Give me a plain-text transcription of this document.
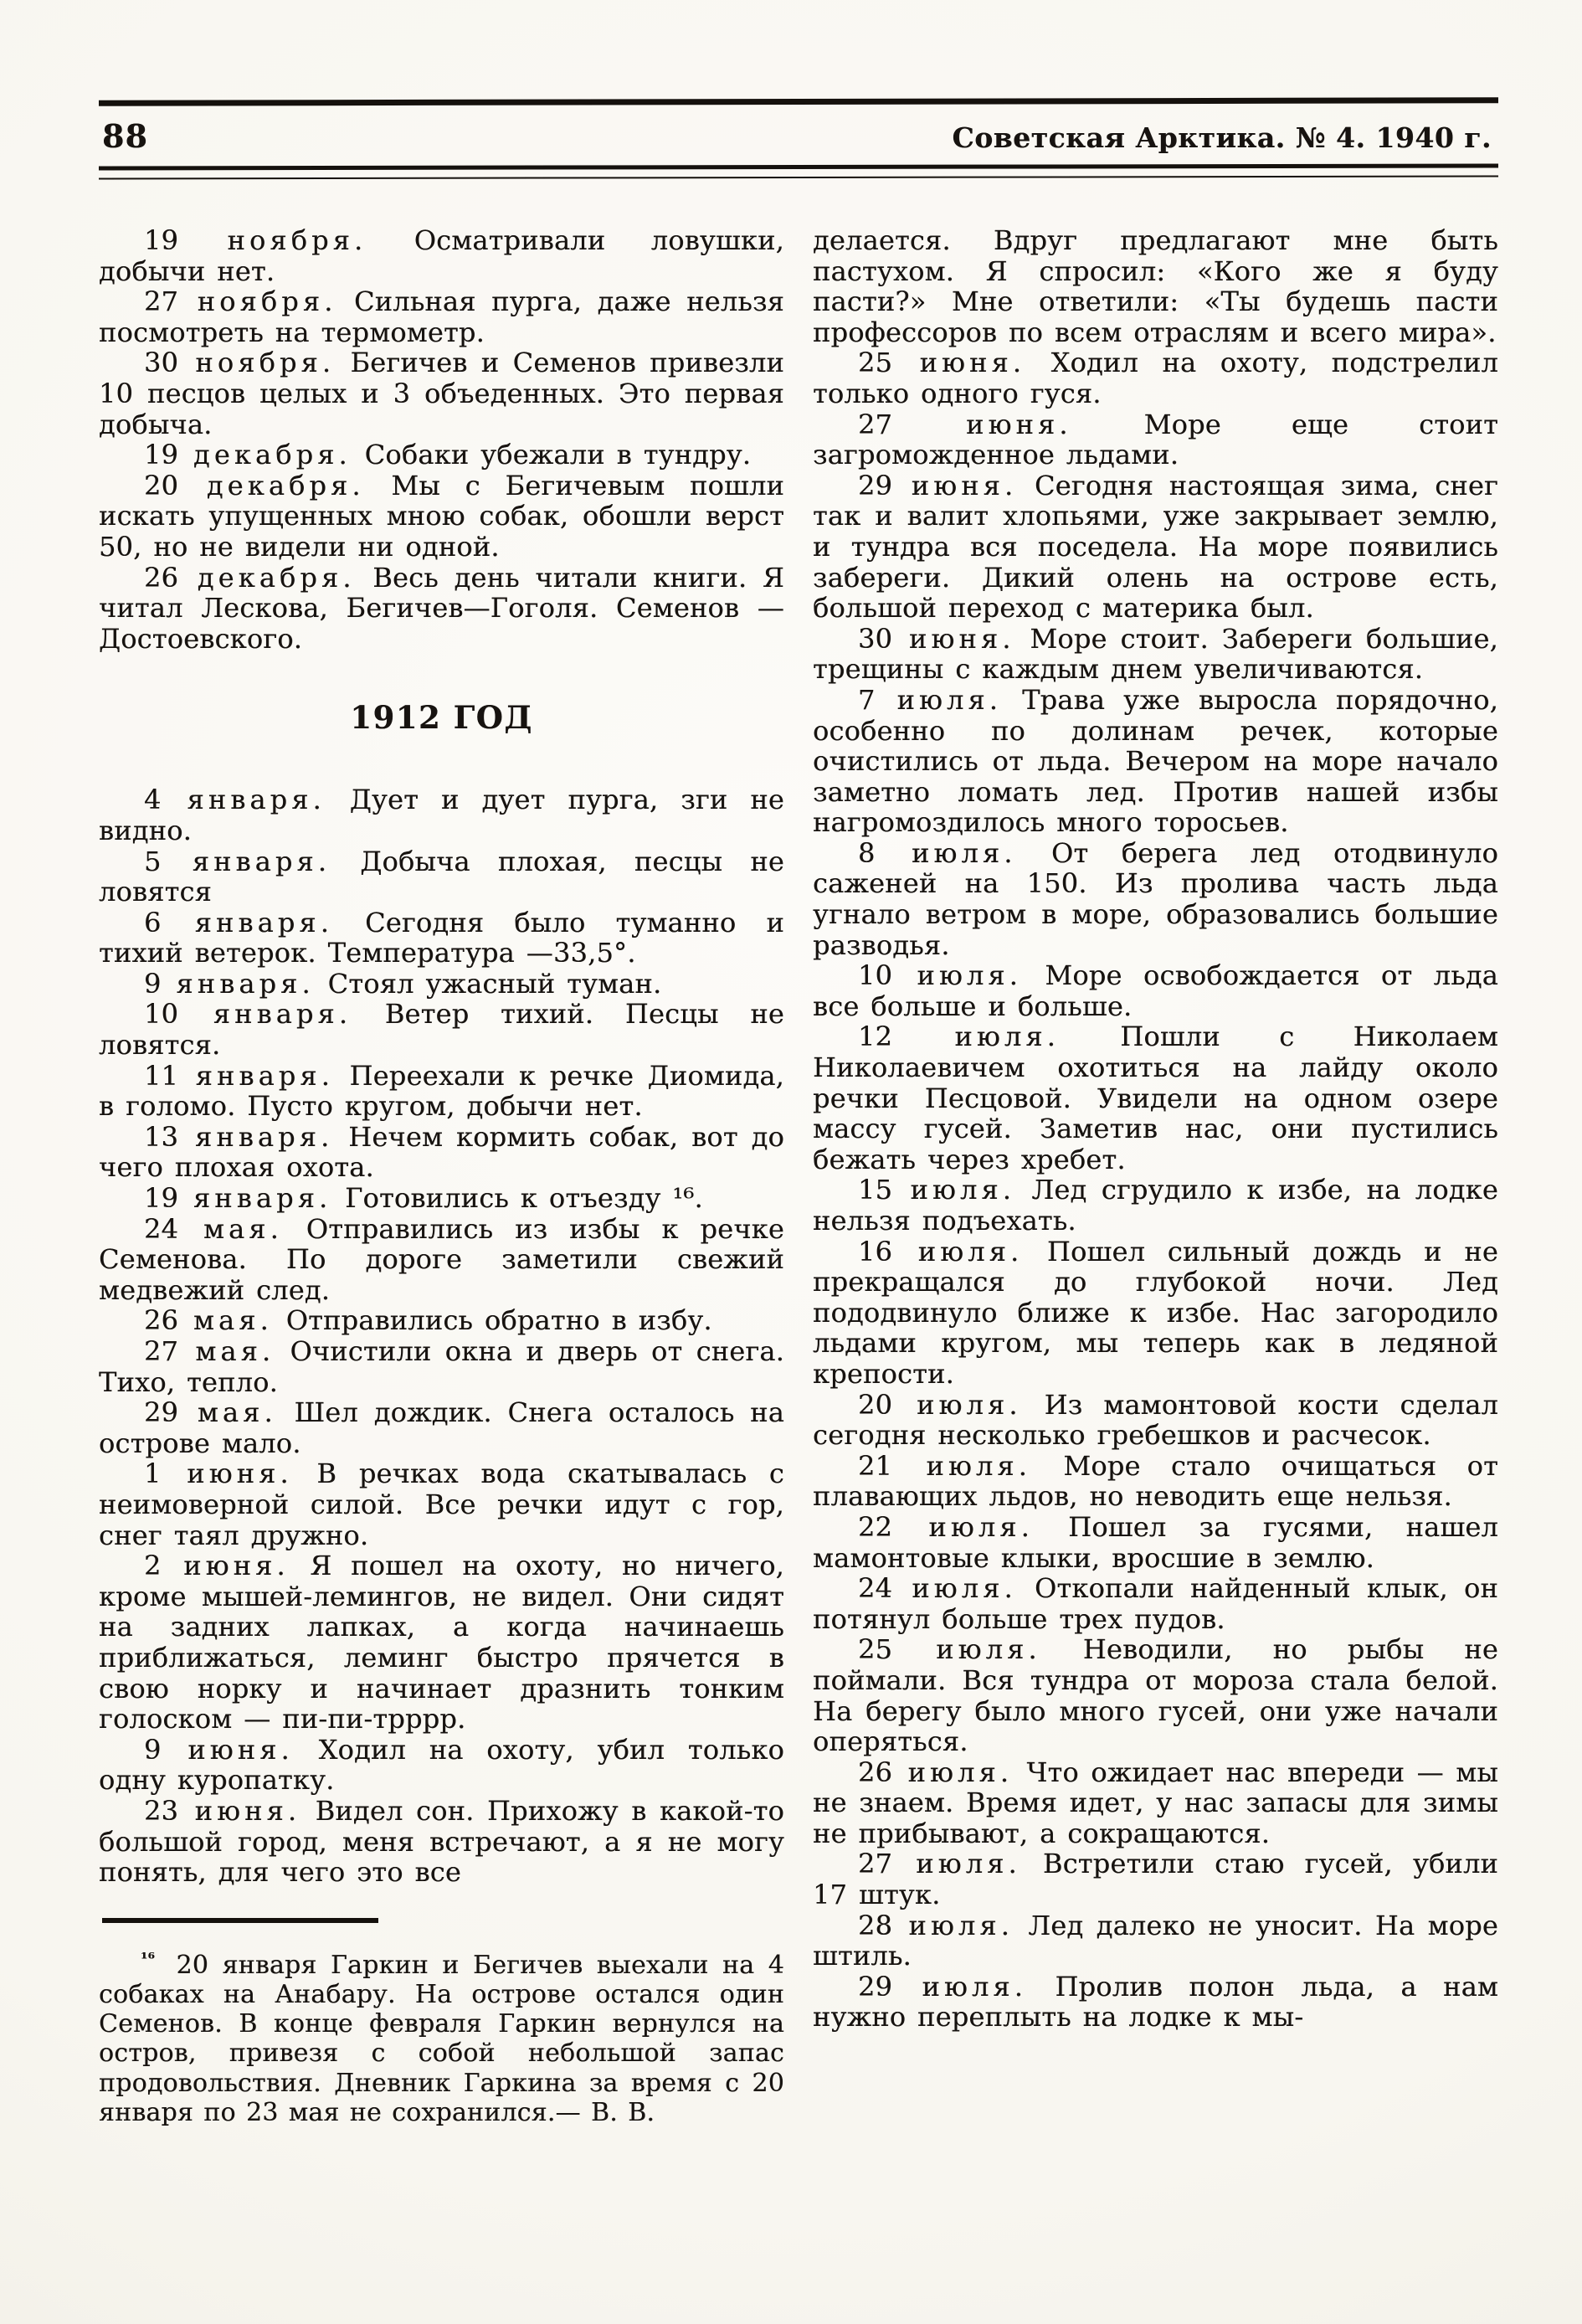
88	Советская Арктика. № 4. 1940 г.

19 ноября. Осматривали ловушки, добычи нет.

27 ноября. Сильная пурга, даже нельзя посмотреть на термометр.

30 ноября. Бегичев и Семенов привезли 10 песцов целых и 3 объеденных. Это первая добыча.

19 декабря. Собаки убежали в тундру.

20 декабря. Мы с Бегичевым пошли искать упущенных мною собак, обошли верст 50, но не видели ни одной.

26 декабря. Весь день читали книги. Я читал Лескова, Бегичев—Гоголя. Семенов — Достоевского.

1912 ГОД

4 января. Дует и дует пурга, зги не видно.

5 января. Добыча плохая, песцы не ловятся

6 января. Сегодня было туманно и тихий ветерок. Температура —33,5°.

9 января. Стоял ужасный туман.

10 января. Ветер тихий. Песцы не ловятся.

11 января. Переехали к речке Диомида, в голомо. Пусто кругом, добычи нет.

13 января. Нечем кормить собак, вот до чего плохая охота.

19 января. Готовились к отъезду ¹⁶.

24 мая. Отправились из избы к речке Семенова. По дороге заметили свежий медвежий след.

26 мая. Отправились обратно в избу.

27 мая. Очистили окна и дверь от снега. Тихо, тепло.

29 мая. Шел дождик. Снега осталось на острове мало.

1 июня. В речках вода скатывалась с неимоверной силой. Все речки идут с гор, снег таял дружно.

2 июня. Я пошел на охоту, но ничего, кроме мышей-лемингов, не видел. Они сидят на задних лапках, а когда начинаешь приближаться, леминг быстро прячется в свою норку и начинает дразнить тонким голоском — пи-пи-трррр.

9 июня. Ходил на охоту, убил только одну куропатку.

23 июня. Видел сон. Прихожу в какой-то большой город, меня встречают, а я не могу понять, для чего это все

$^{^{16}}$ 20 января Гаркин и Бегичев выехали на 4 собаках на Анабару. На острове остался один Семенов. В конце февраля Гаркин вернулся на остров, привезя с собой небольшой запас продовольствия. Дневник Гаркина за время с 20 января по 23 мая не сохранился.— В. В.

делается. Вдруг предлагают мне быть пастухом. Я спросил: «Кого же я буду пасти?» Мне ответили: «Ты будешь пасти профессоров по всем отраслям и всего мира».

25 июня. Ходил на охоту, подстрелил только одного гуся.

27	июня.	Море еще стоит загроможденное льдами.

29 июня. Сегодня настоящая зима, снег так и валит хлопьями, уже закрывает землю, и тундра вся поседела. На море появились забереги. Дикий олень на острове есть, большой переход с материка был.

30 июня. Море стоит. Забереги большие, трещины с каждым днем увеличиваются.

7 июля. Трава уже выросла порядочно, особенно по долинам речек, которые очистились от льда. Вечером на море начало заметно ломать лед. Против нашей избы нагромоздилось много торосьев.

8 июля. От берега лед отодвинуло саженей на 150. Из пролива часть льда угнало ветром в море, образовались большие разводья.

10 июля. Море освобождается от льда все больше и больше.

12 июля. Пошли с Николаем Николаевичем охотиться на лайду около речки Песцовой. Увидели на одном озере массу гусей. Заметив нас, они пустились бежать через хребет.

15 июля. Лед сгрудило к избе, на лодке нельзя подъехать.

16 июля. Пошел сильный дождь и не прекращался до глубокой ночи. Лед пододвинуло ближе к избе. Нас загородило льдами кругом, мы теперь как в ледяной крепости.

20 июля. Из мамонтовой кости сделал сегодня несколько гребешков и расчесок.

21 июля. Море стало очищаться от плавающих льдов, но неводить еще нельзя.

22 июля. Пошел за гусями, нашел мамонтовые клыки, вросшие в землю.

24 июля. Откопали найденный клык, он потянул больше трех пудов.

25 июля. Неводили, но рыбы не поймали. Вся тундра от мороза стала белой. На берегу было много гусей, они уже начали оперяться.

26 июля. Что ожидает нас впереди — мы не знаем. Время идет, у нас запасы для зимы не прибывают, а сокращаются.

27 июля. Встретили стаю гусей, убили 17 штук.

28 июля. Лед далеко не уносит. На море штиль.

29 июля. Пролив полон льда, а нам нужно переплыть на лодке к мы-
